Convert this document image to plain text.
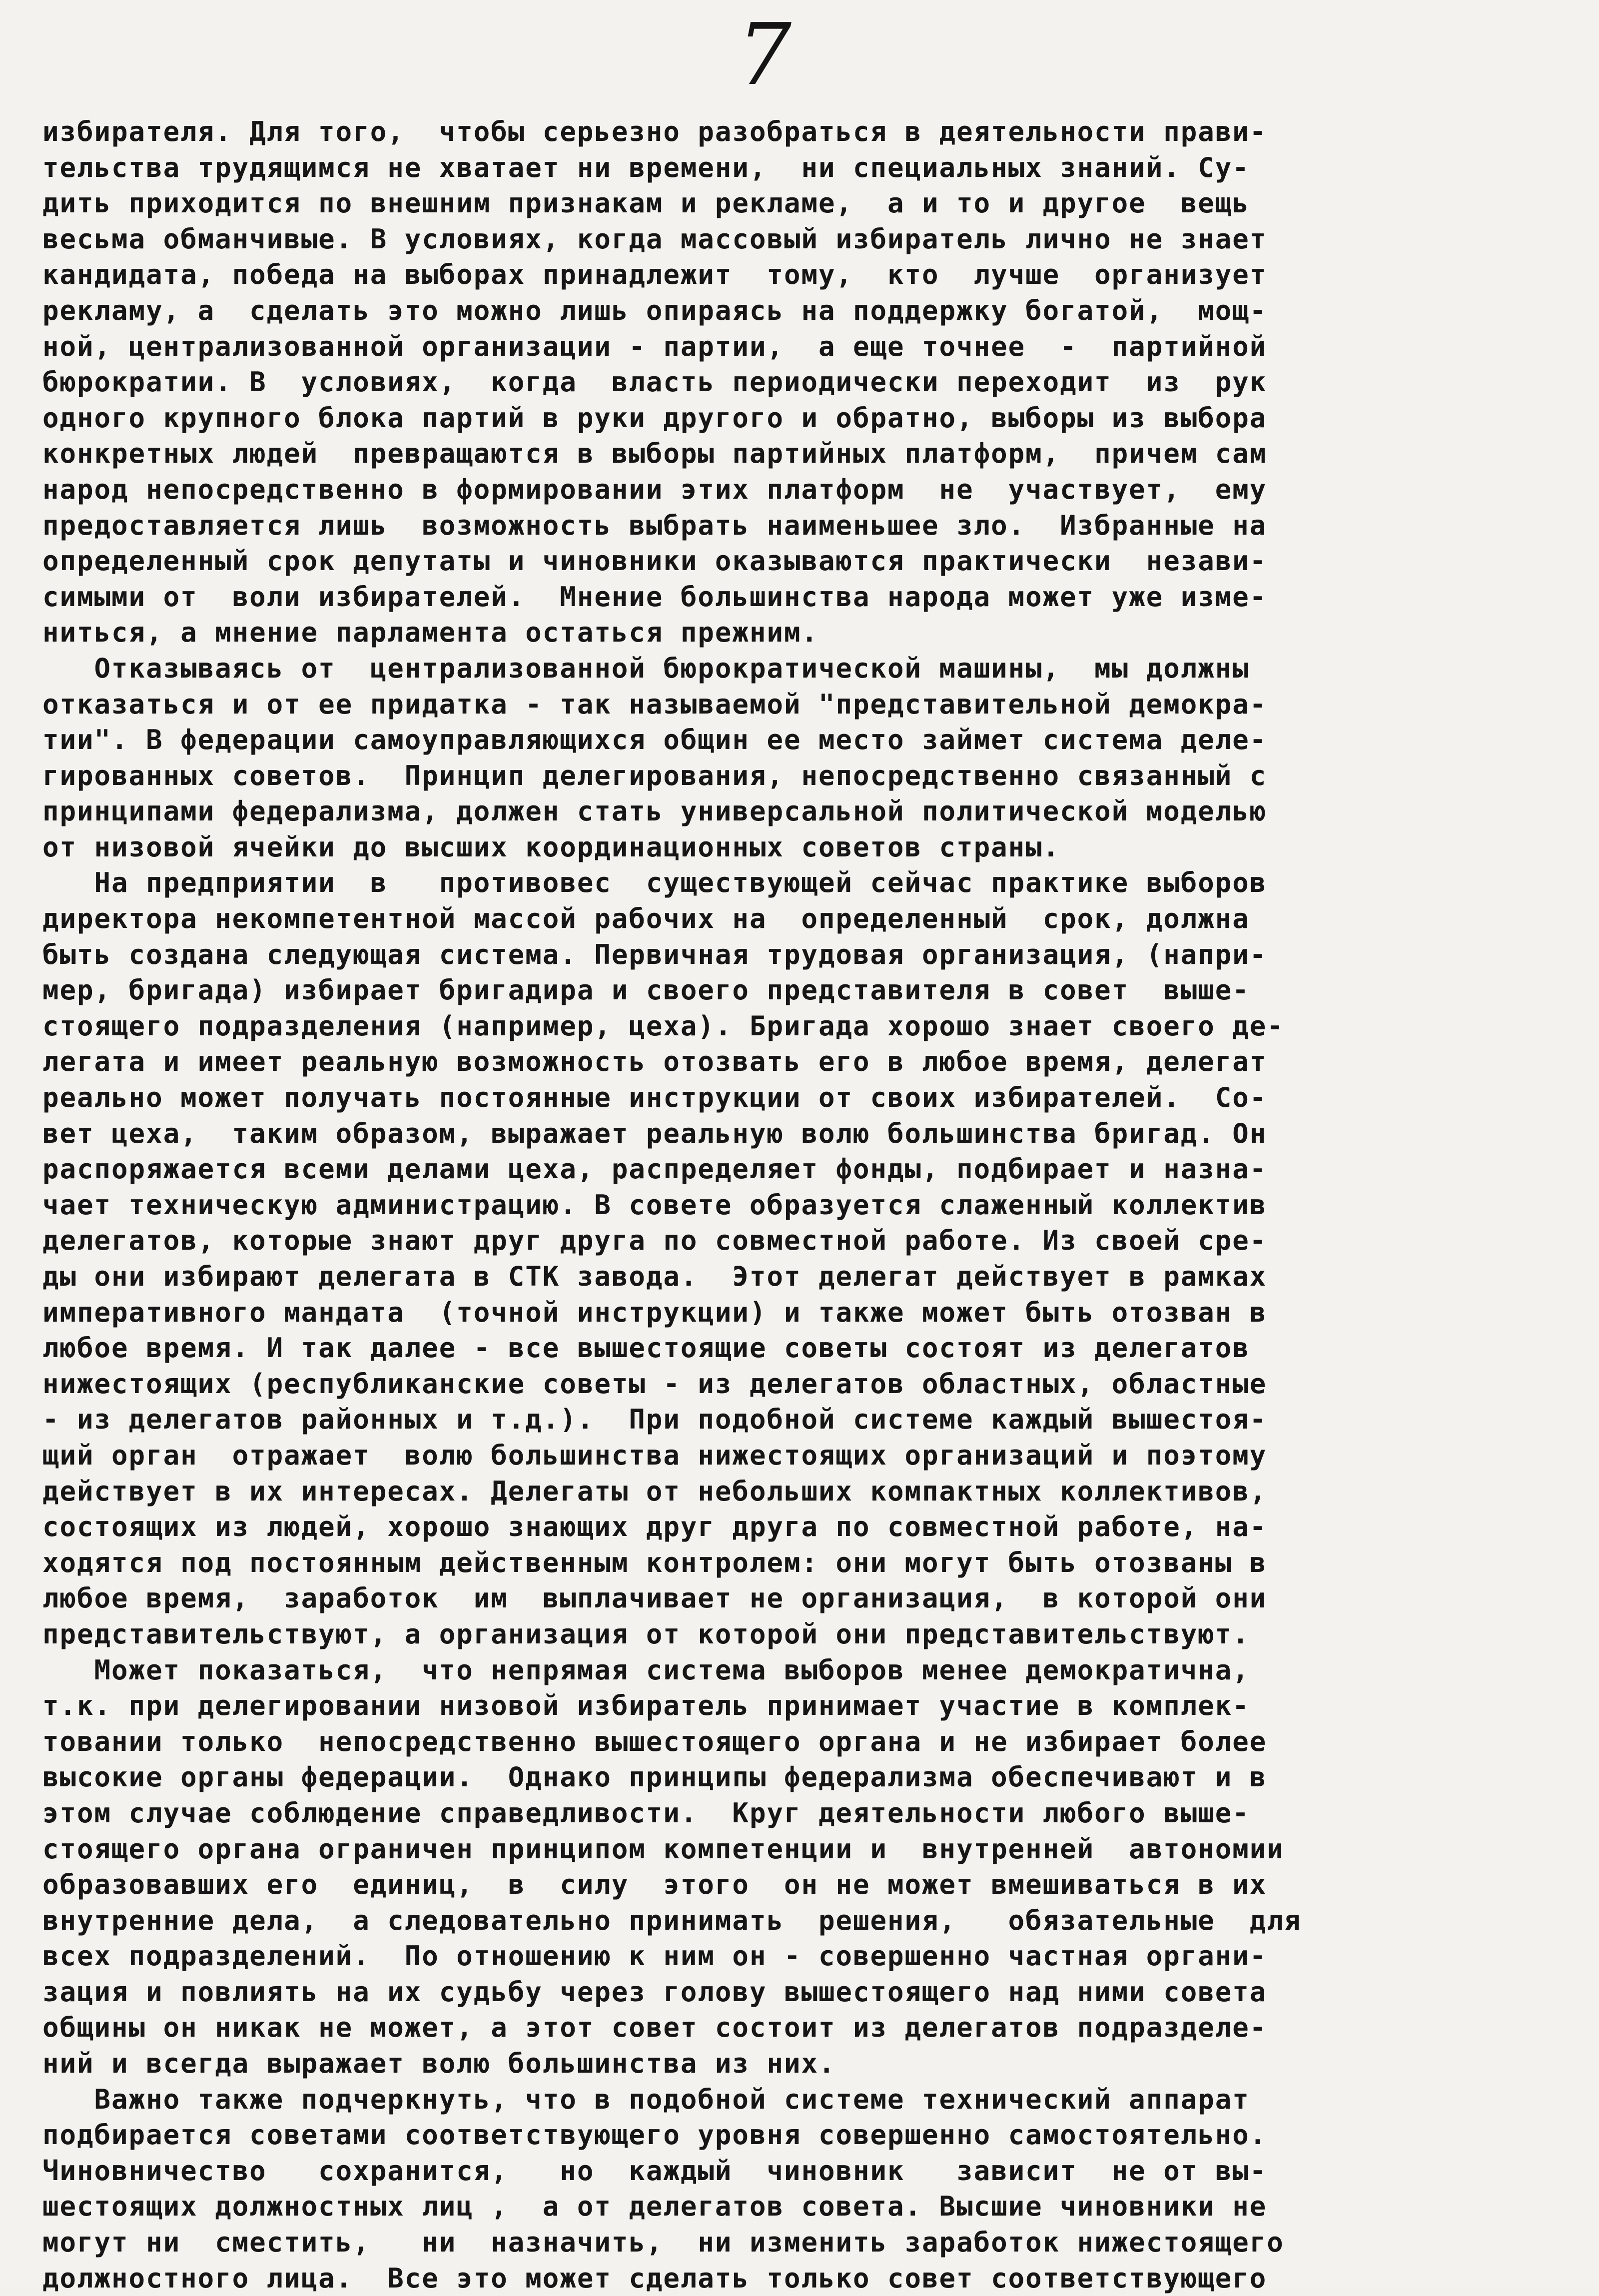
7
избирателя. Для того,  чтобы серьезно разобраться в деятельности прави-
тельства трудящимся не хватает ни времени,  ни специальных знаний. Су-
дить приходится по внешним признакам и рекламе,  а и то и другое  вещь
весьма обманчивые. В условиях, когда массовый избиратель лично не знает
кандидата, победа на выборах принадлежит  тому,  кто  лучше  организует
рекламу, а  сделать это можно лишь опираясь на поддержку богатой,  мощ-
ной, централизованной организации - партии,  а еще точнее  -  партийной
бюрократии. В  условиях,  когда  власть периодически переходит  из  рук
одного крупного блока партий в руки другого и обратно, выборы из выбора
конкретных людей  превращаются в выборы партийных платформ,  причем сам
народ непосредственно в формировании этих платформ  не  участвует,  ему
предоставляется лишь  возможность выбрать наименьшее зло.  Избранные на
определенный срок депутаты и чиновники оказываются практически  незави-
симыми от  воли избирателей.  Мнение большинства народа может уже изме-
ниться, а мнение парламента остаться прежним.
Отказываясь от  централизованной бюрократической машины,  мы должны
отказаться и от ее придатка - так называемой "представительной демокра-
тии". В федерации самоуправляющихся общин ее место займет система деле-
гированных советов.  Принцип делегирования, непосредственно связанный с
принципами федерализма, должен стать универсальной политической моделью
от низовой ячейки до высших координационных советов страны.
На предприятии  в   противовес  существующей сейчас практике выборов
директора некомпетентной массой рабочих на  определенный  срок, должна
быть создана следующая система. Первичная трудовая организация, (напри-
мер, бригада) избирает бригадира и своего представителя в совет  выше-
стоящего подразделения (например, цеха). Бригада хорошо знает своего де-
легата и имеет реальную возможность отозвать его в любое время, делегат
реально может получать постоянные инструкции от своих избирателей.  Со-
вет цеха,  таким образом, выражает реальную волю большинства бригад. Он
распоряжается всеми делами цеха, распределяет фонды, подбирает и назна-
чает техническую администрацию. В совете образуется слаженный коллектив
делегатов, которые знают друг друга по совместной работе. Из своей сре-
ды они избирают делегата в СТК завода.  Этот делегат действует в рамках
императивного мандата  (точной инструкции) и также может быть отозван в
любое время. И так далее - все вышестоящие советы состоят из делегатов
нижестоящих (республиканские советы - из делегатов областных, областные
- из делегатов районных и т.д.).  При подобной системе каждый вышестоя-
щий орган  отражает  волю большинства нижестоящих организаций и поэтому
действует в их интересах. Делегаты от небольших компактных коллективов,
состоящих из людей, хорошо знающих друг друга по совместной работе, на-
ходятся под постоянным действенным контролем: они могут быть отозваны в
любое время,  заработок  им  выплачивает не организация,  в которой они
представительствуют, а организация от которой они представительствуют.
Может показаться,  что непрямая система выборов менее демократична,
т.к. при делегировании низовой избиратель принимает участие в комплек-
товании только  непосредственно вышестоящего органа и не избирает более
высокие органы федерации.  Однако принципы федерализма обеспечивают и в
этом случае соблюдение справедливости.  Круг деятельности любого выше-
стоящего органа ограничен принципом компетенции и  внутренней  автономии
образовавших его  единиц,  в  силу  этого  он не может вмешиваться в их
внутренние дела,  а следовательно принимать  решения,   обязательные  для
всех подразделений.  По отношению к ним он - совершенно частная органи-
зация и повлиять на их судьбу через голову вышестоящего над ними совета
общины он никак не может, а этот совет состоит из делегатов подразделе-
ний и всегда выражает волю большинства из них.
Важно также подчеркнуть, что в подобной системе технический аппарат
подбирается советами соответствующего уровня совершенно самостоятельно.
Чиновничество   сохранится,   но  каждый  чиновник   зависит  не от вы-
шестоящих должностных лиц ,  а от делегатов совета. Высшие чиновники не
могут ни  сместить,   ни  назначить,  ни изменить заработок нижестоящего
должностного лица.  Все это может сделать только совет соответствующего
